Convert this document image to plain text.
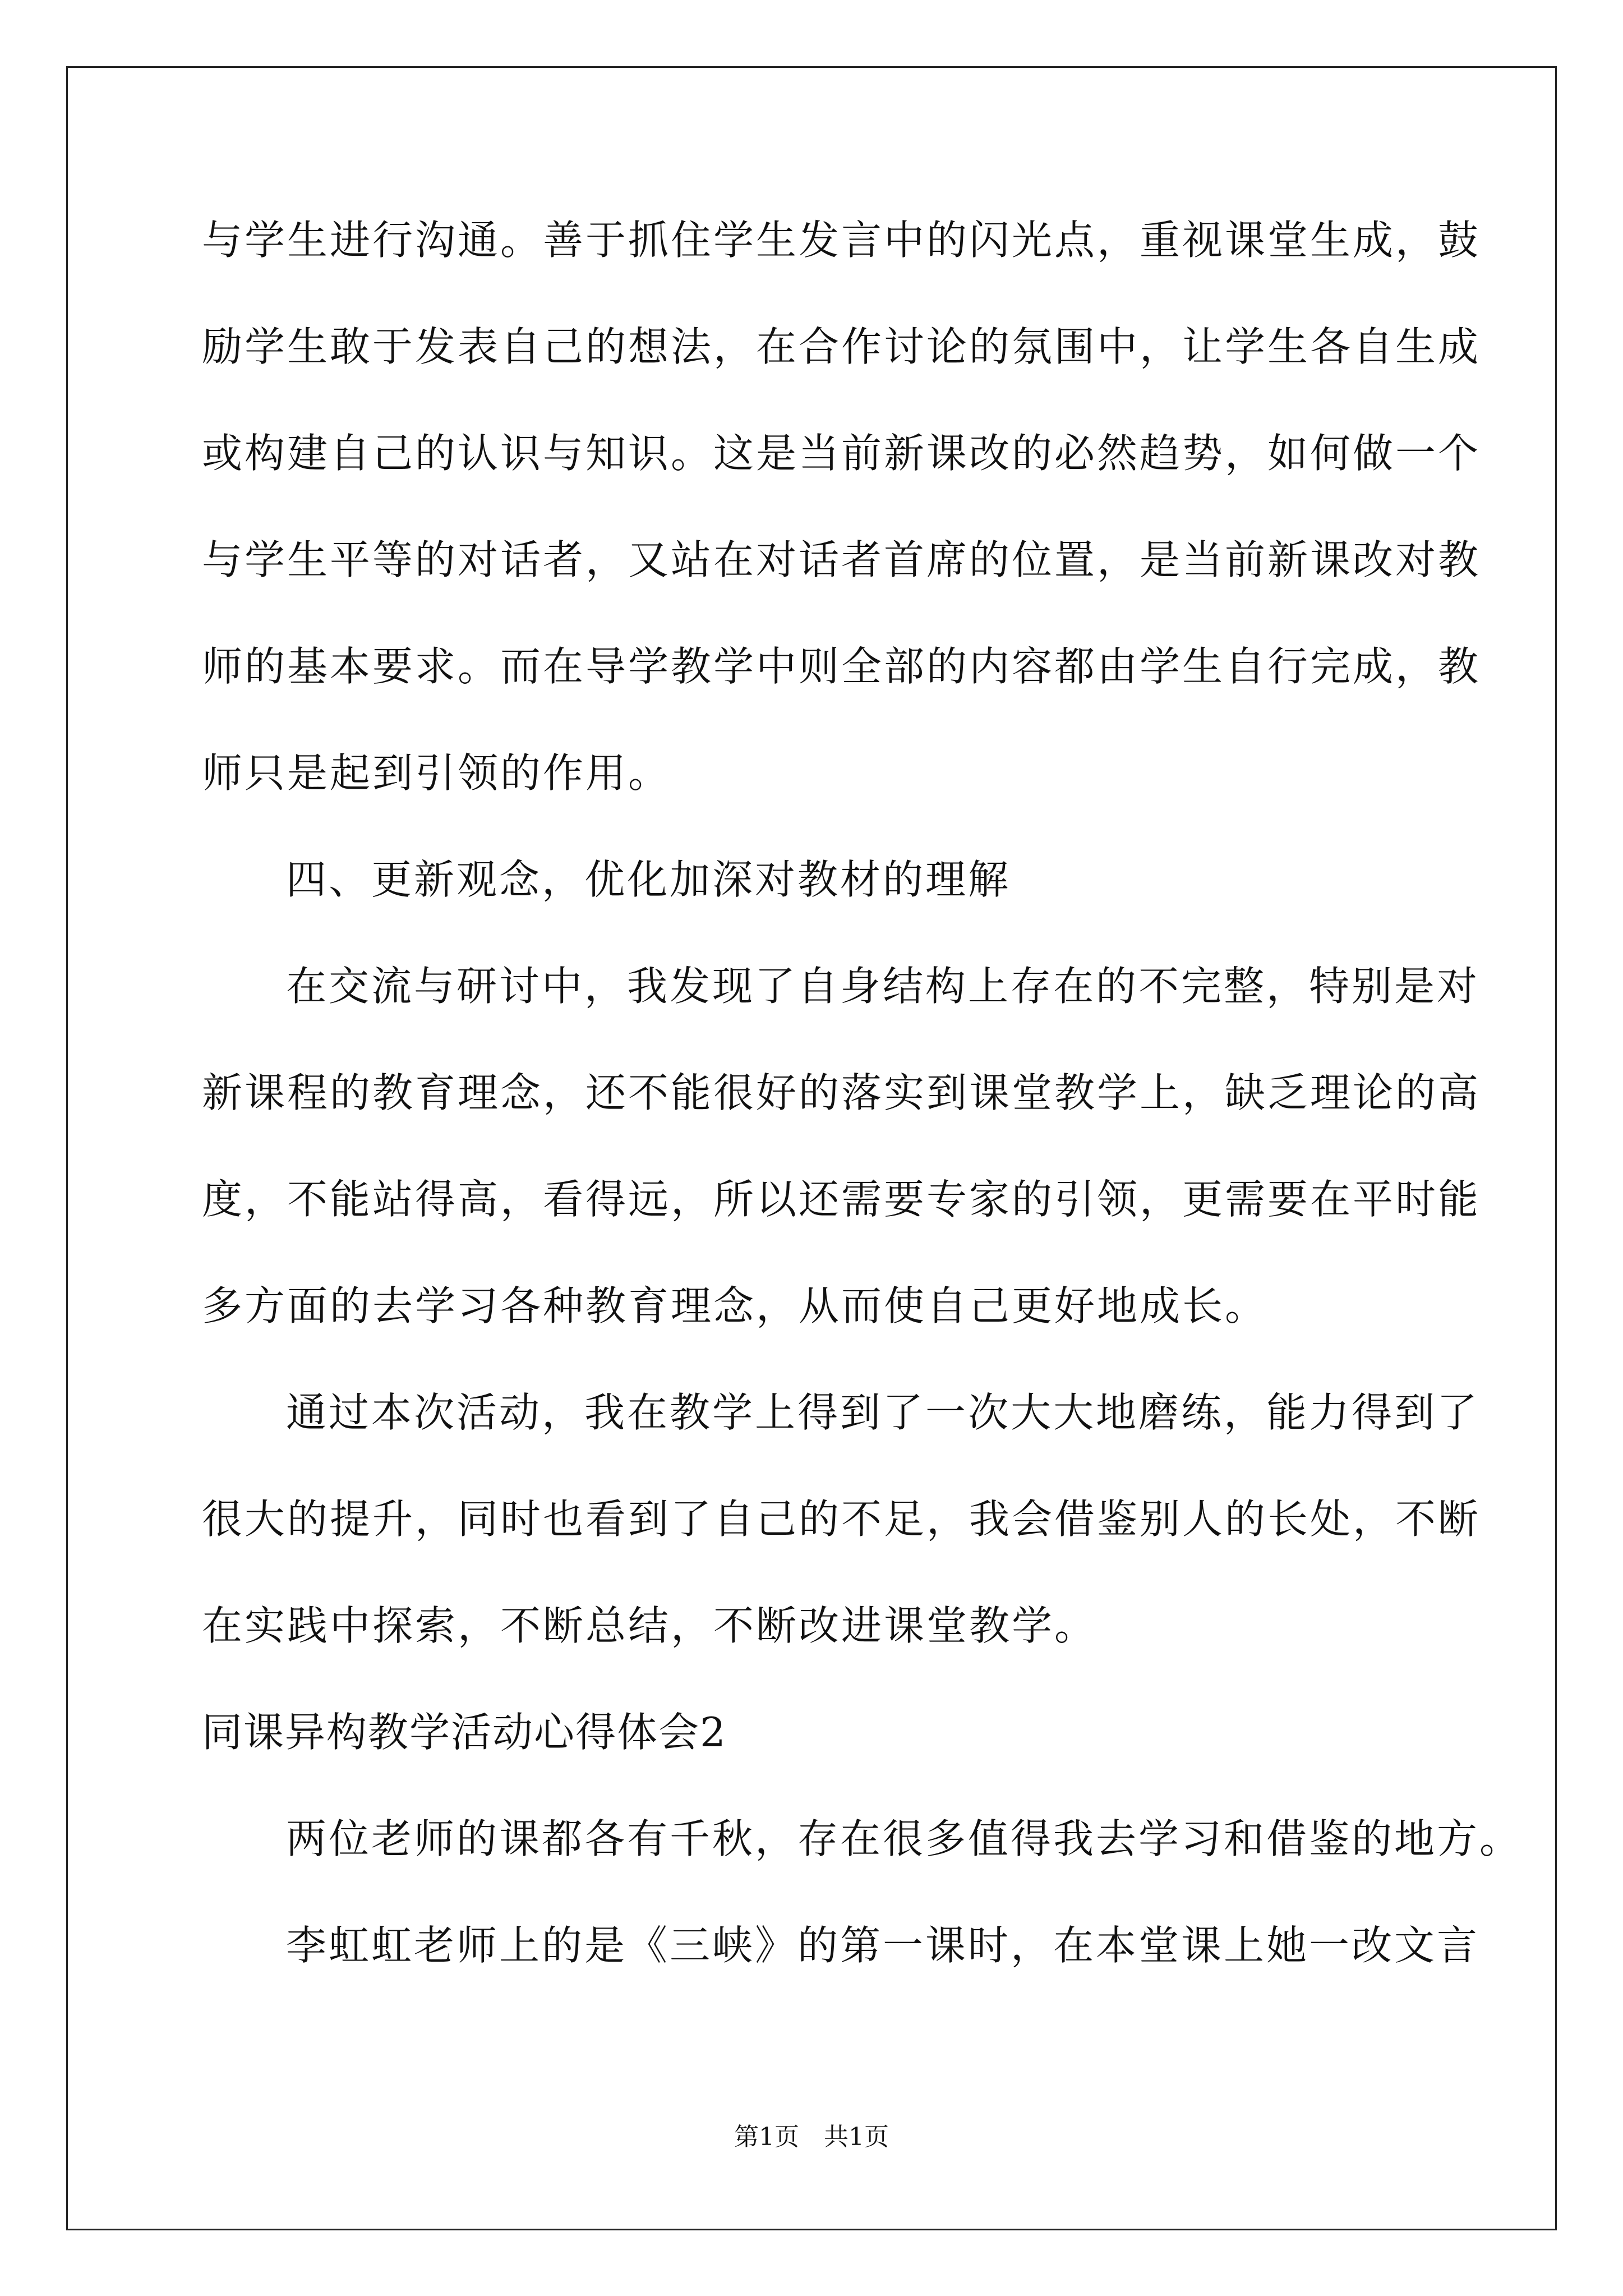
与学生进行沟通。善于抓住学生发言中的闪光点，重视课堂生成，鼓
励学生敢于发表自己的想法，在合作讨论的氛围中，让学生各自生成
或构建自己的认识与知识。这是当前新课改的必然趋势，如何做一个
与学生平等的对话者，又站在对话者首席的位置，是当前新课改对教
师的基本要求。而在导学教学中则全部的内容都由学生自行完成，教
师只是起到引领的作用。
四、更新观念，优化加深对教材的理解
在交流与研讨中，我发现了自身结构上存在的不完整，特别是对
新课程的教育理念，还不能很好的落实到课堂教学上，缺乏理论的高
度，不能站得高，看得远，所以还需要专家的引领，更需要在平时能
多方面的去学习各种教育理念，从而使自己更好地成长。
通过本次活动，我在教学上得到了一次大大地磨练，能力得到了
很大的提升，同时也看到了自己的不足，我会借鉴别人的长处，不断
在实践中探索，不断总结，不断改进课堂教学。
同课异构教学活动心得体会2
两位老师的课都各有千秋，存在很多值得我去学习和借鉴的地方。
李虹虹老师上的是《三峡》的第一课时，在本堂课上她一改文言
第1页　共1页
